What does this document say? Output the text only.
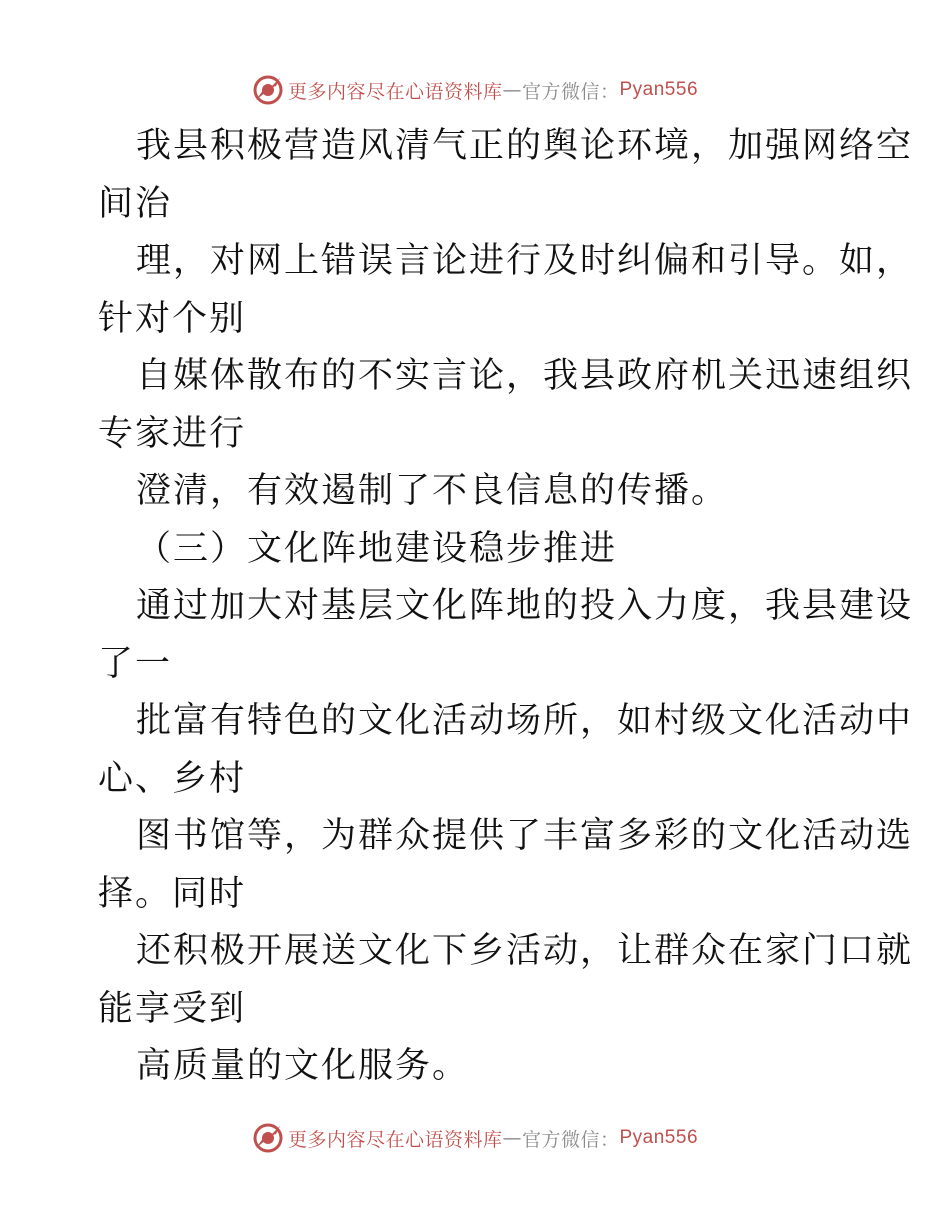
更多内容尽在心语资料库 — 官方微信： Pyan556
我县积极营造风清气正的舆论环境，加强网络空
间治
理，对网上错误言论进行及时纠偏和引导。如，
针对个别
自媒体散布的不实言论，我县政府机关迅速组织
专家进行
澄清，有效遏制了不良信息的传播。
（三）文化阵地建设稳步推进
通过加大对基层文化阵地的投入力度，我县建设
了一
批富有特色的文化活动场所，如村级文化活动中
心、乡村
图书馆等，为群众提供了丰富多彩的文化活动选
择。同时
还积极开展送文化下乡活动，让群众在家门口就
能享受到
高质量的文化服务。
更多内容尽在心语资料库 — 官方微信： Pyan556
